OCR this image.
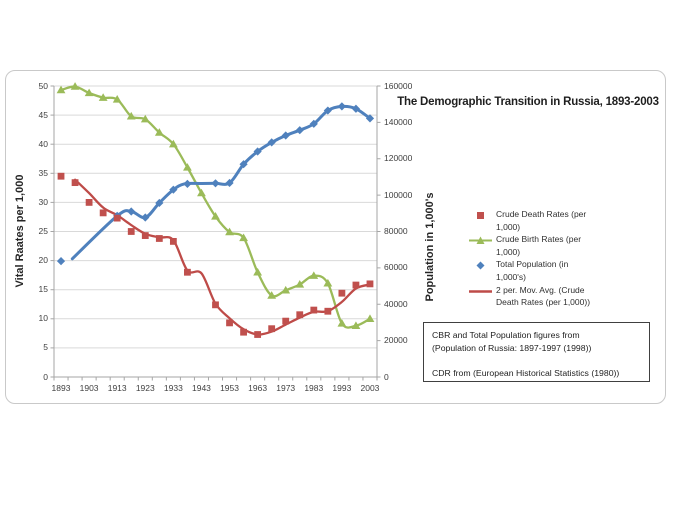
The Demographic Transition in Russia, 1893-2003
Vital Raates per 1,000	Population in 1,000's
0
5
10
15
20
25
30
35
40
45
50
0
20000
40000
60000
80000
100000
120000
140000
160000
1893	1903	1913	1923	1933	1943	1953	1963	1973	1983	1993	2003
Crude Death Rates (per 1,000)
Crude Birth Rates (per 1,000)
Total Population (in 1,000's)
2 per. Mov. Avg. (Crude Death Rates (per 1,000))
CBR and Total Population figures from
(Population of Russia: 1897-1997 (1998))
CDR from (European Historical Statistics (1980))
